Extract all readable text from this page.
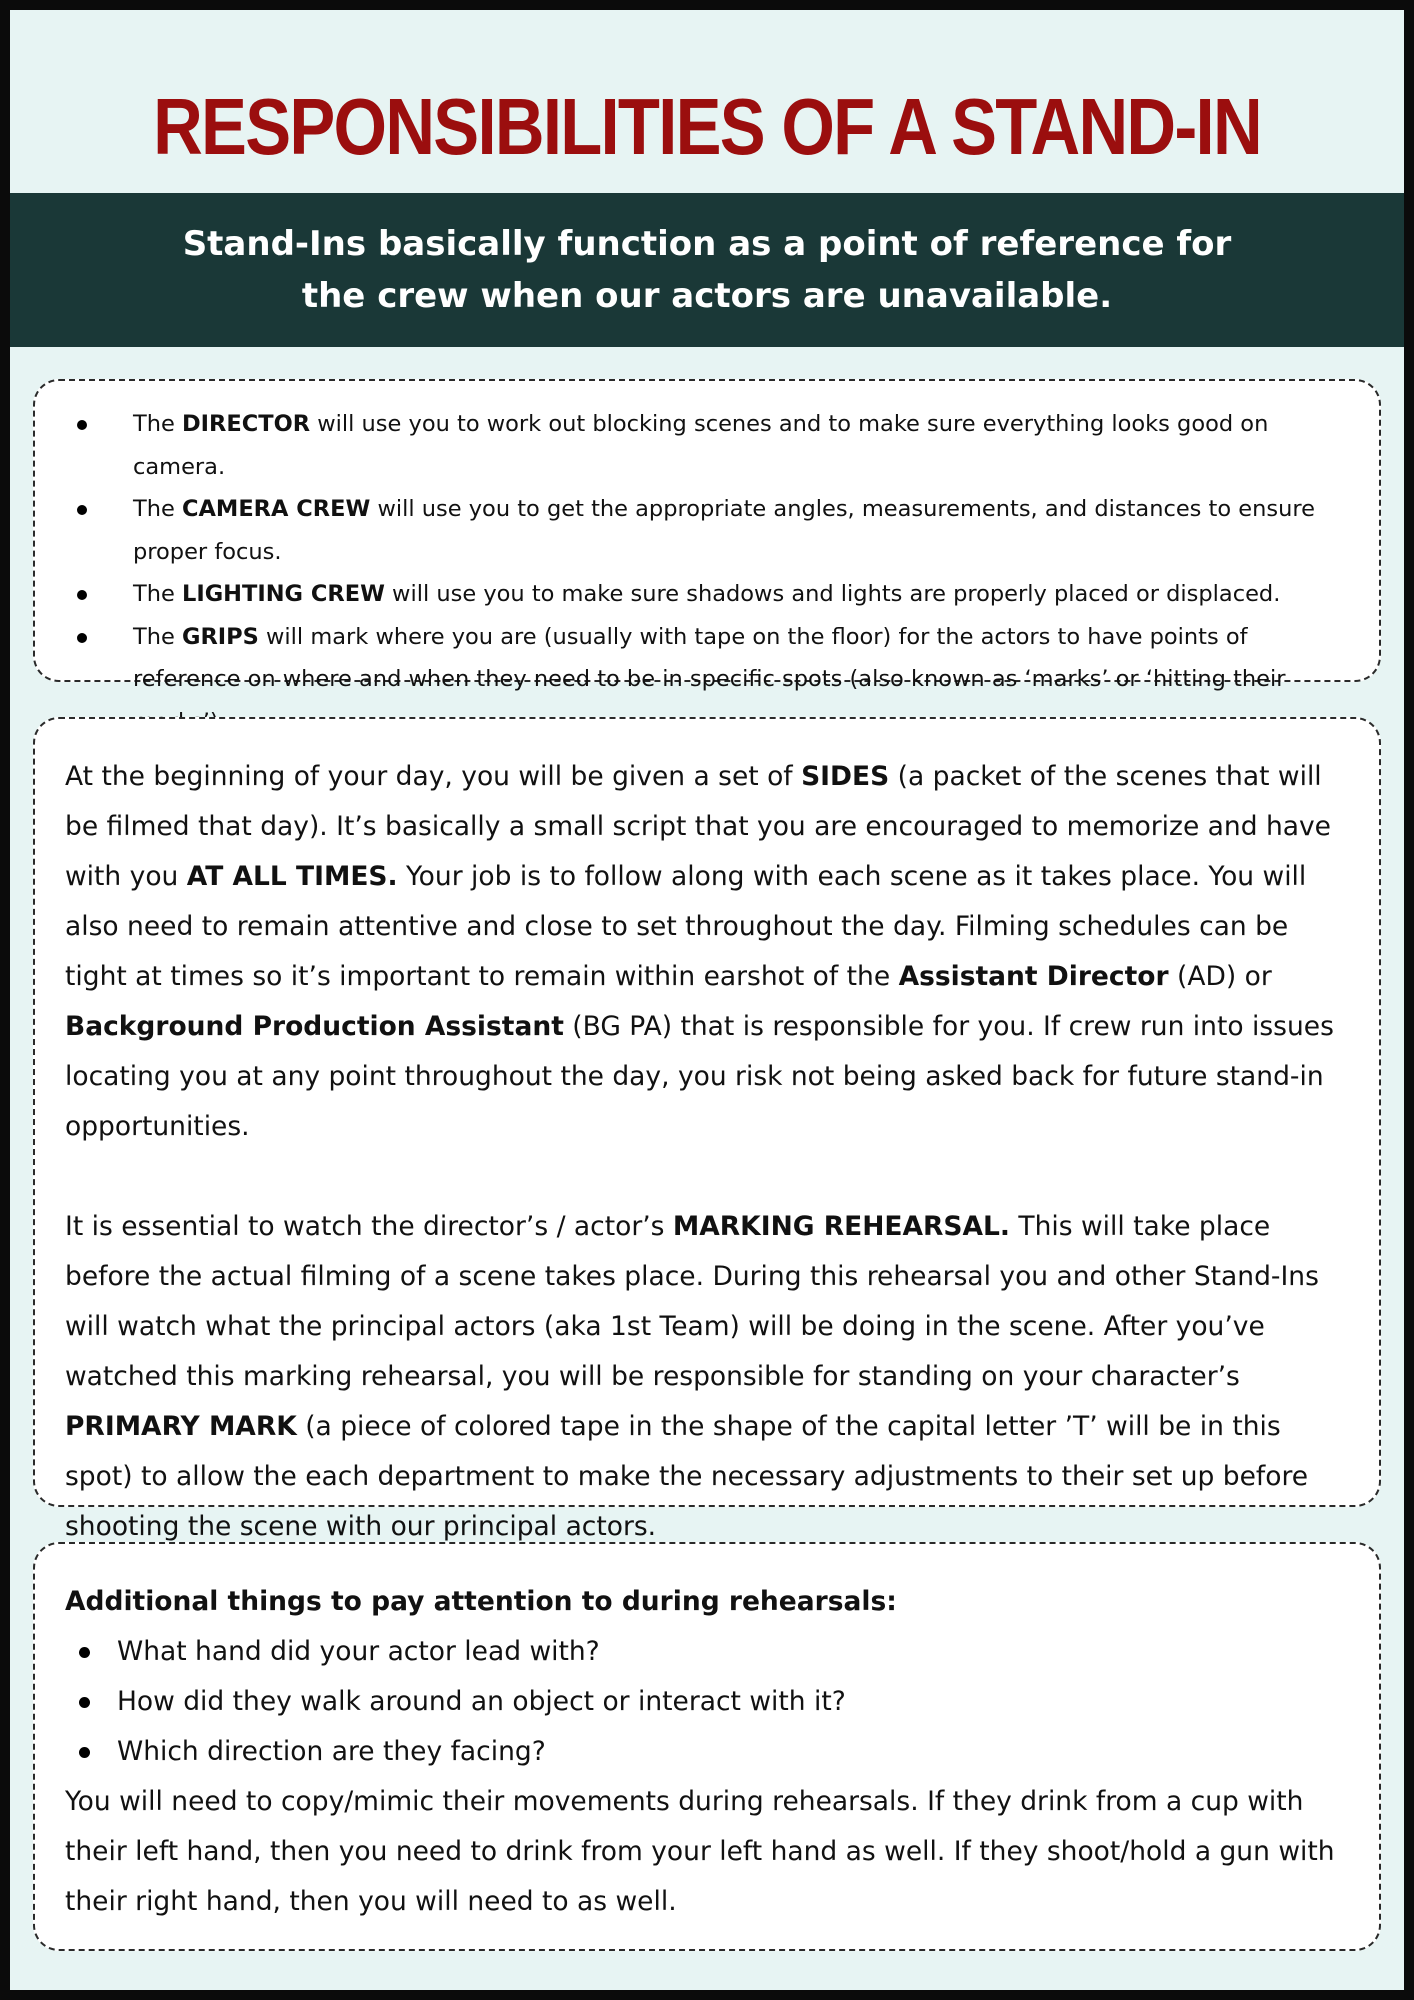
RESPONSIBILITIES OF A STAND-IN
Stand-Ins basically function as a point of reference for
the crew when our actors are unavailable.
The DIRECTOR will use you to work out blocking scenes and to make sure everything looks good on camera.
The CAMERA CREW will use you to get the appropriate angles, measurements, and distances to ensure proper focus.
The LIGHTING CREW will use you to make sure shadows and lights are properly placed or displaced.
The GRIPS will mark where you are (usually with tape on the floor) for the actors to have points of reference on where and when they need to be in specific spots (also known as ‘marks’ or ‘hitting their

At the beginning of your day, you will be given a set of SIDES (a packet of the scenes that will be filmed that day). It’s basically a small script that you are encouraged to memorize and have with you AT ALL TIMES. Your job is to follow along with each scene as it takes place. You will also need to remain attentive and close to set throughout the day. Filming schedules can be tight at times so it’s important to remain within earshot of the Assistant Director (AD) or Background Production Assistant (BG PA) that is responsible for you. If crew run into issues locating you at any point throughout the day, you risk not being asked back for future stand-in opportunities.

It is essential to watch the director’s / actor’s MARKING REHEARSAL. This will take place before the actual filming of a scene takes place. During this rehearsal you and other Stand-Ins will watch what the principal actors (aka 1st Team) will be doing in the scene. After you’ve watched this marking rehearsal, you will be responsible for standing on your character’s PRIMARY MARK (a piece of colored tape in the shape of the capital letter ’T’ will be in this spot) to allow the each department to make the necessary adjustments to their set up before shooting the scene with our principal actors.

Additional things to pay attention to during rehearsals:
What hand did your actor lead with?
How did they walk around an object or interact with it?
Which direction are they facing?

You will need to copy/mimic their movements during rehearsals. If they drink from a cup with their left hand, then you need to drink from your left hand as well. If they shoot/hold a gun with their right hand, then you will need to as well.
